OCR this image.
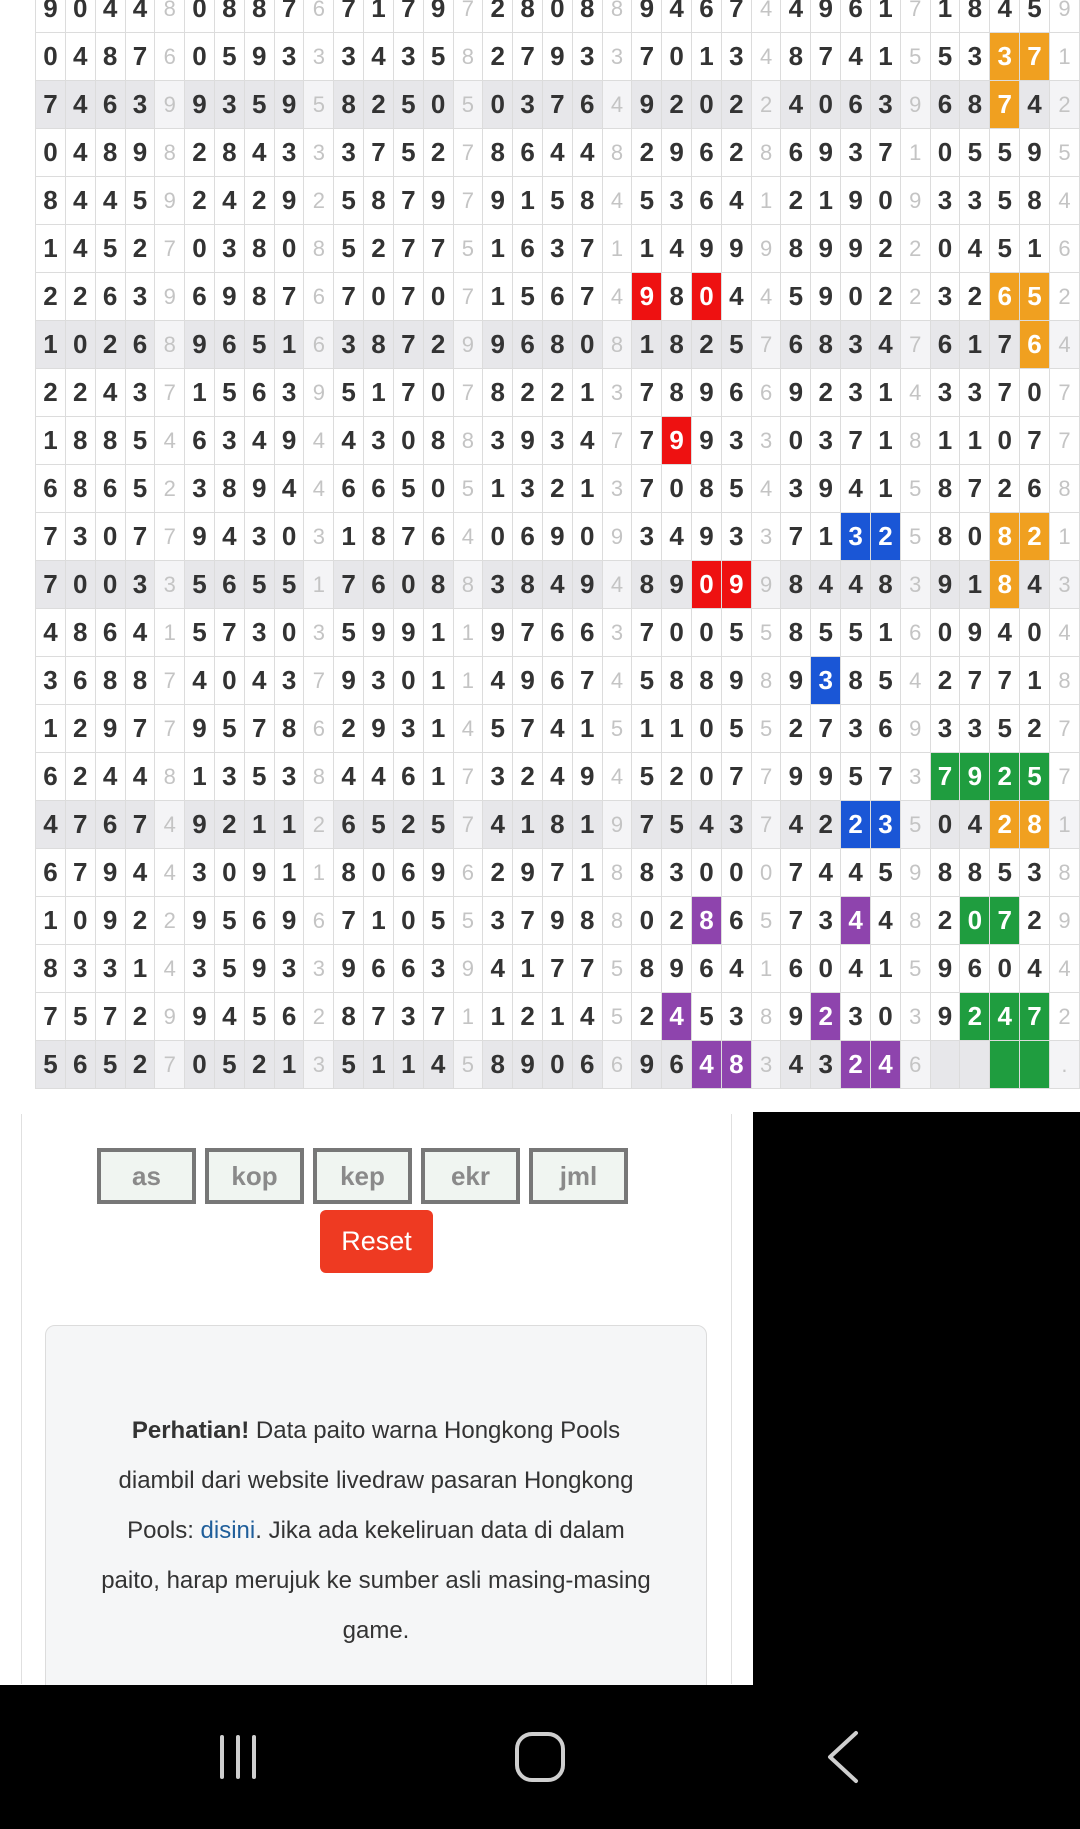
9	0	4	4	8	0	8	8	7	6	7	1	7	9	7	2	8	0	8	8	9	4	6	7	4	4	9	6	1	7	1	8	4	5	9
0	4	8	7	6	0	5	9	3	3	3	4	3	5	8	2	7	9	3	3	7	0	1	3	4	8	7	4	1	5	5	3	3	7	1
7	4	6	3	9	9	3	5	9	5	8	2	5	0	5	0	3	7	6	4	9	2	0	2	2	4	0	6	3	9	6	8	7	4	2
0	4	8	9	8	2	8	4	3	3	3	7	5	2	7	8	6	4	4	8	2	9	6	2	8	6	9	3	7	1	0	5	5	9	5
8	4	4	5	9	2	4	2	9	2	5	8	7	9	7	9	1	5	8	4	5	3	6	4	1	2	1	9	0	9	3	3	5	8	4
1	4	5	2	7	0	3	8	0	8	5	2	7	7	5	1	6	3	7	1	1	4	9	9	9	8	9	9	2	2	0	4	5	1	6
2	2	6	3	9	6	9	8	7	6	7	0	7	0	7	1	5	6	7	4	9	8	0	4	4	5	9	0	2	2	3	2	6	5	2
1	0	2	6	8	9	6	5	1	6	3	8	7	2	9	9	6	8	0	8	1	8	2	5	7	6	8	3	4	7	6	1	7	6	4
2	2	4	3	7	1	5	6	3	9	5	1	7	0	7	8	2	2	1	3	7	8	9	6	6	9	2	3	1	4	3	3	7	0	7
1	8	8	5	4	6	3	4	9	4	4	3	0	8	8	3	9	3	4	7	7	9	9	3	3	0	3	7	1	8	1	1	0	7	7
6	8	6	5	2	3	8	9	4	4	6	6	5	0	5	1	3	2	1	3	7	0	8	5	4	3	9	4	1	5	8	7	2	6	8
7	3	0	7	7	9	4	3	0	3	1	8	7	6	4	0	6	9	0	9	3	4	9	3	3	7	1	3	2	5	8	0	8	2	1
7	0	0	3	3	5	6	5	5	1	7	6	0	8	8	3	8	4	9	4	8	9	0	9	9	8	4	4	8	3	9	1	8	4	3
4	8	6	4	1	5	7	3	0	3	5	9	9	1	1	9	7	6	6	3	7	0	0	5	5	8	5	5	1	6	0	9	4	0	4
3	6	8	8	7	4	0	4	3	7	9	3	0	1	1	4	9	6	7	4	5	8	8	9	8	9	3	8	5	4	2	7	7	1	8
1	2	9	7	7	9	5	7	8	6	2	9	3	1	4	5	7	4	1	5	1	1	0	5	5	2	7	3	6	9	3	3	5	2	7
6	2	4	4	8	1	3	5	3	8	4	4	6	1	7	3	2	4	9	4	5	2	0	7	7	9	9	5	7	3	7	9	2	5	7
4	7	6	7	4	9	2	1	1	2	6	5	2	5	7	4	1	8	1	9	7	5	4	3	7	4	2	2	3	5	0	4	2	8	1
6	7	9	4	4	3	0	9	1	1	8	0	6	9	6	2	9	7	1	8	8	3	0	0	0	7	4	4	5	9	8	8	5	3	8
1	0	9	2	2	9	5	6	9	6	7	1	0	5	5	3	7	9	8	8	0	2	8	6	5	7	3	4	4	8	2	0	7	2	9
8	3	3	1	4	3	5	9	3	3	9	6	6	3	9	4	1	7	7	5	8	9	6	4	1	6	0	4	1	5	9	6	0	4	4
7	5	7	2	9	9	4	5	6	2	8	7	3	7	1	1	2	1	4	5	2	4	5	3	8	9	2	3	0	3	9	2	4	7	2
5	6	5	2	7	0	5	2	1	3	5	1	1	4	5	8	9	0	6	6	9	6	4	8	3	4	3	2	4	6					.
as
kop
kep
ekr
jml
Reset
Perhatian! Data paito warna Hongkong Pools diambil dari website livedraw pasaran Hongkong Pools: disini. Jika ada kekeliruan data di dalam paito, harap merujuk ke sumber asli masing-masing game.
